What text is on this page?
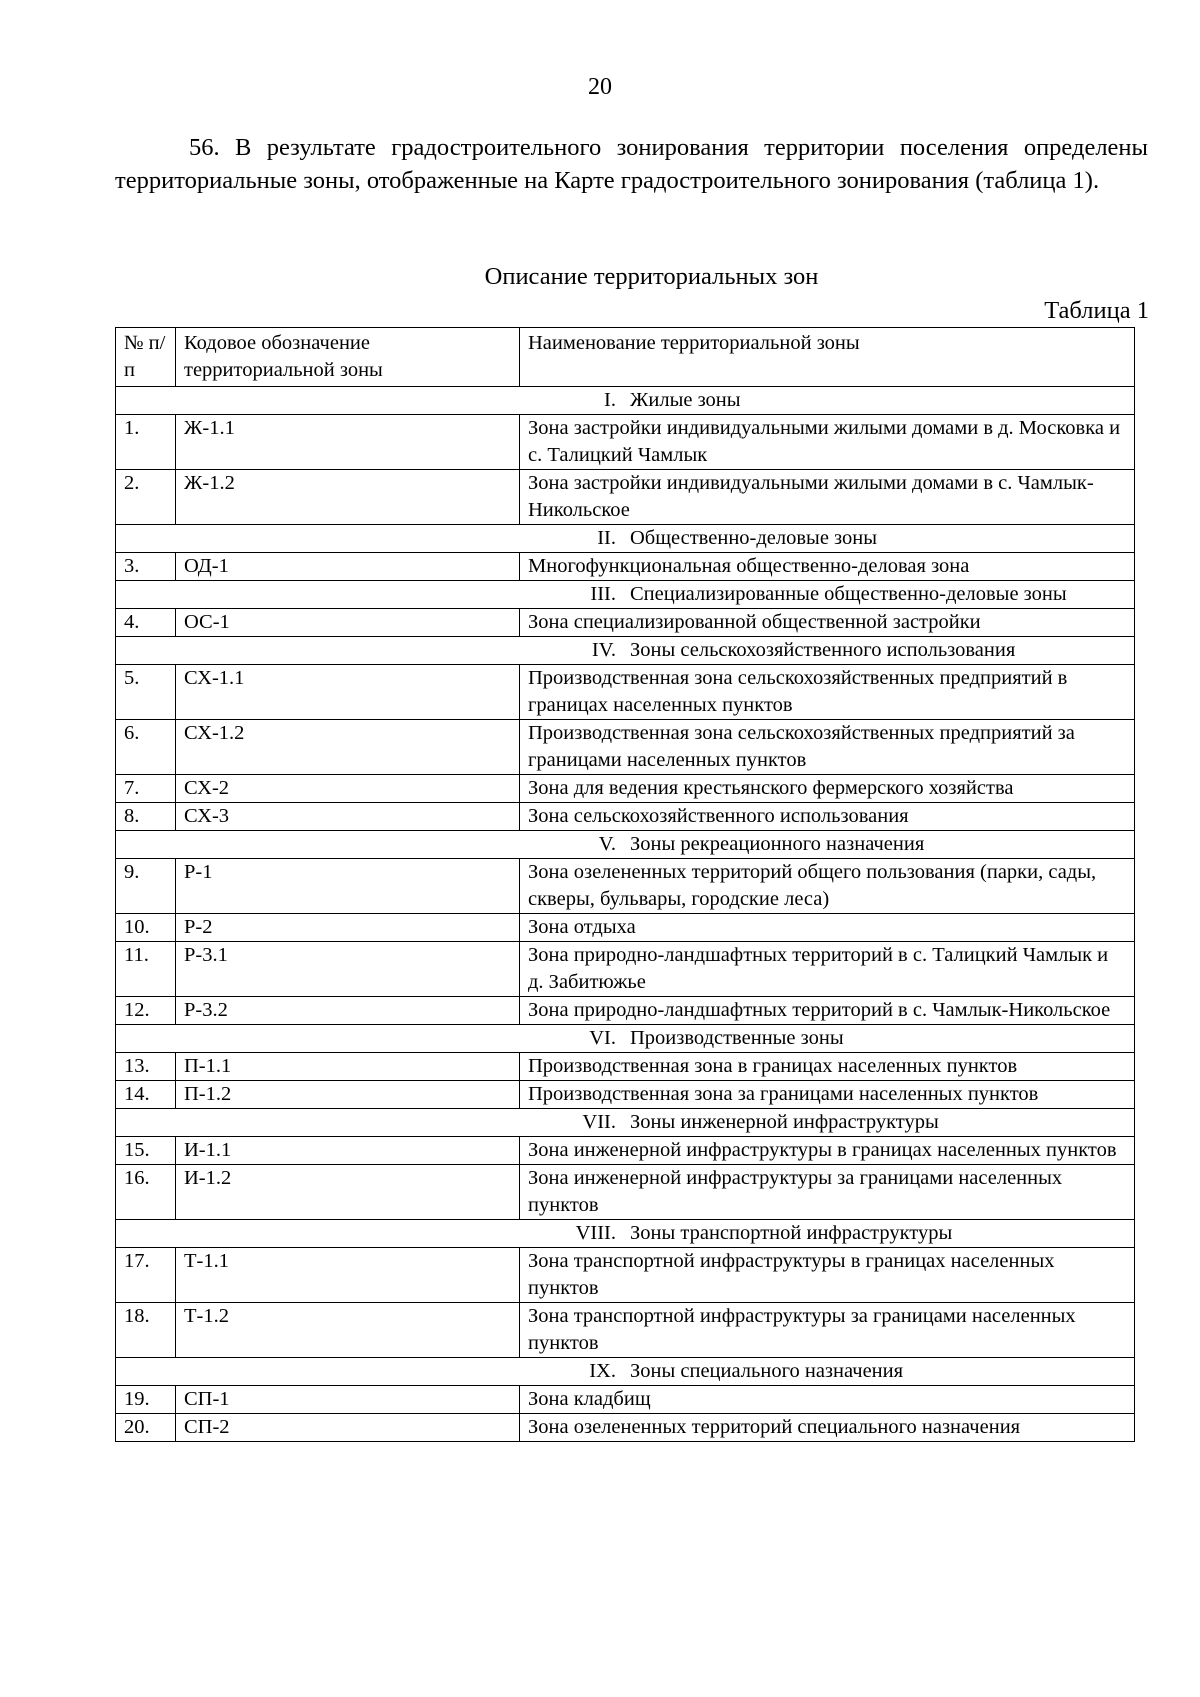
20

56. В результате градостроительного зонирования территории поселения определены территориальные зоны, отображенные на Карте градостроительного зонирования (таблица 1).

Описание территориальных зон
Таблица 1
№ п/п	Кодовое обозначение территориальной зоны	Наименование территориальной зоны
I. Жилые зоны		
1.	Ж-1.1	Зона застройки индивидуальными жилыми домами в д. Московка и с. Талицкий Чамлык
2.	Ж-1.2	Зона застройки индивидуальными жилыми домами в с. Чамлык-Никольское
II. Общественно-деловые зоны		
3.	ОД-1	Многофункциональная общественно-деловая зона
III. Специализированные общественно-деловые зоны		
4.	ОС-1	Зона специализированной общественной застройки
IV. Зоны сельскохозяйственного использования		
5.	СХ-1.1	Производственная зона сельскохозяйственных предприятий в границах населенных пунктов
6.	СХ-1.2	Производственная зона сельскохозяйственных предприятий за границами населенных пунктов
7.	СХ-2	Зона для ведения крестьянского фермерского хозяйства
8.	СХ-3	Зона сельскохозяйственного использования
V. Зоны рекреационного назначения		
9.	Р-1	Зона озелененных территорий общего пользования (парки, сады, скверы, бульвары, городские леса)
10.	Р-2	Зона отдыха
11.	Р-3.1	Зона природно-ландшафтных территорий в с. Талицкий Чамлык и д. Забитюжье
12.	Р-3.2	Зона природно-ландшафтных территорий в с. Чамлык-Никольское
VI. Производственные зоны		
13.	П-1.1	Производственная зона в границах населенных пунктов
14.	П-1.2	Производственная зона за границами населенных пунктов
VII. Зоны инженерной инфраструктуры		
15.	И-1.1	Зона инженерной инфраструктуры в границах населенных пунктов
16.	И-1.2	Зона инженерной инфраструктуры за границами населенных пунктов
VIII. Зоны транспортной инфраструктуры		
17.	Т-1.1	Зона транспортной инфраструктуры в границах населенных пунктов
18.	Т-1.2	Зона транспортной инфраструктуры за границами населенных пунктов
IX. Зоны специального назначения		
19.	СП-1	Зона кладбищ
20.	СП-2	Зона озелененных территорий специального назначения
